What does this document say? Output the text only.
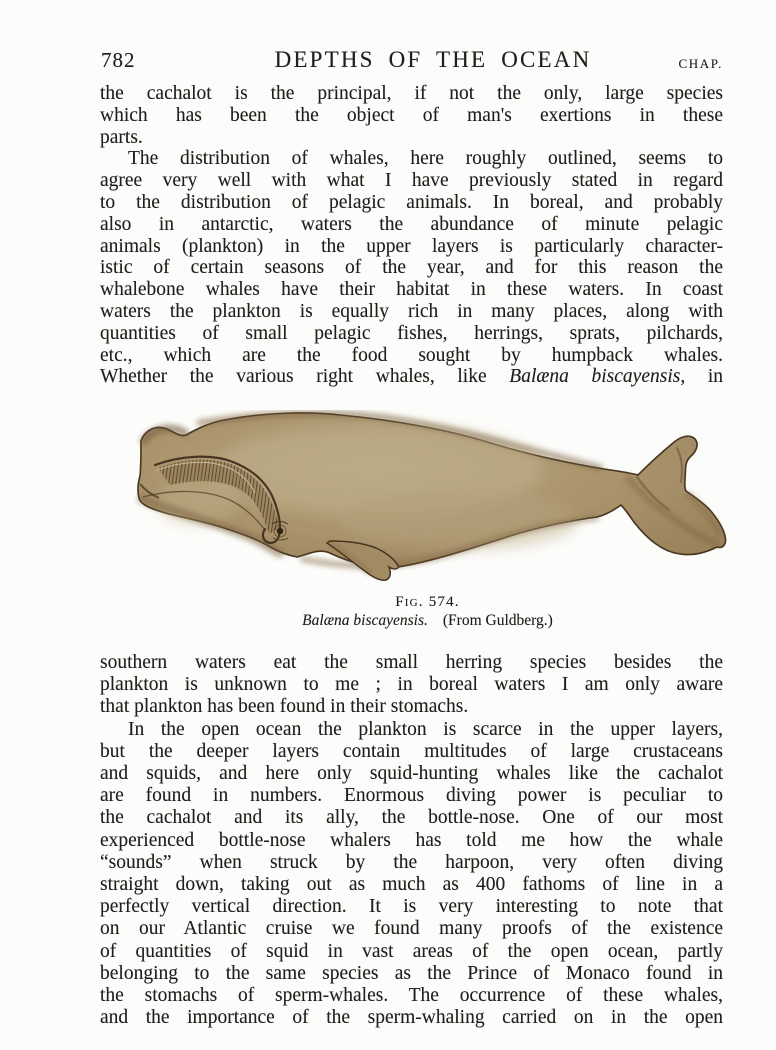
782	DEPTHS OF THE OCEAN	CHAP.
the cachalot is the principal, if not the only, large species
which has been the object of man's exertions in these
parts.
The distribution of whales, here roughly outlined, seems to
agree very well with what I have previously stated in regard
to the distribution of pelagic animals. In boreal, and probably
also in antarctic, waters the abundance of minute pelagic
animals (plankton) in the upper layers is particularly character-
istic of certain seasons of the year, and for this reason the
whalebone whales have their habitat in these waters. In coast
waters the plankton is equally rich in many places, along with
quantities of small pelagic fishes, herrings, sprats, pilchards,
etc., which are the food sought by humpback whales.
Whether the various right whales, like Balæna biscayensis, in
Fig. 574.
Balæna biscayensis. (From Guldberg.)
southern waters eat the small herring species besides the
plankton is unknown to me ; in boreal waters I am only aware
that plankton has been found in their stomachs.
In the open ocean the plankton is scarce in the upper layers,
but the deeper layers contain multitudes of large crustaceans
and squids, and here only squid-hunting whales like the cachalot
are found in numbers. Enormous diving power is peculiar to
the cachalot and its ally, the bottle-nose. One of our most
experienced bottle-nose whalers has told me how the whale
“sounds” when struck by the harpoon, very often diving
straight down, taking out as much as 400 fathoms of line in a
perfectly vertical direction. It is very interesting to note that
on our Atlantic cruise we found many proofs of the existence
of quantities of squid in vast areas of the open ocean, partly
belonging to the same species as the Prince of Monaco found in
the stomachs of sperm-whales. The occurrence of these whales,
and the importance of the sperm-whaling carried on in the open
